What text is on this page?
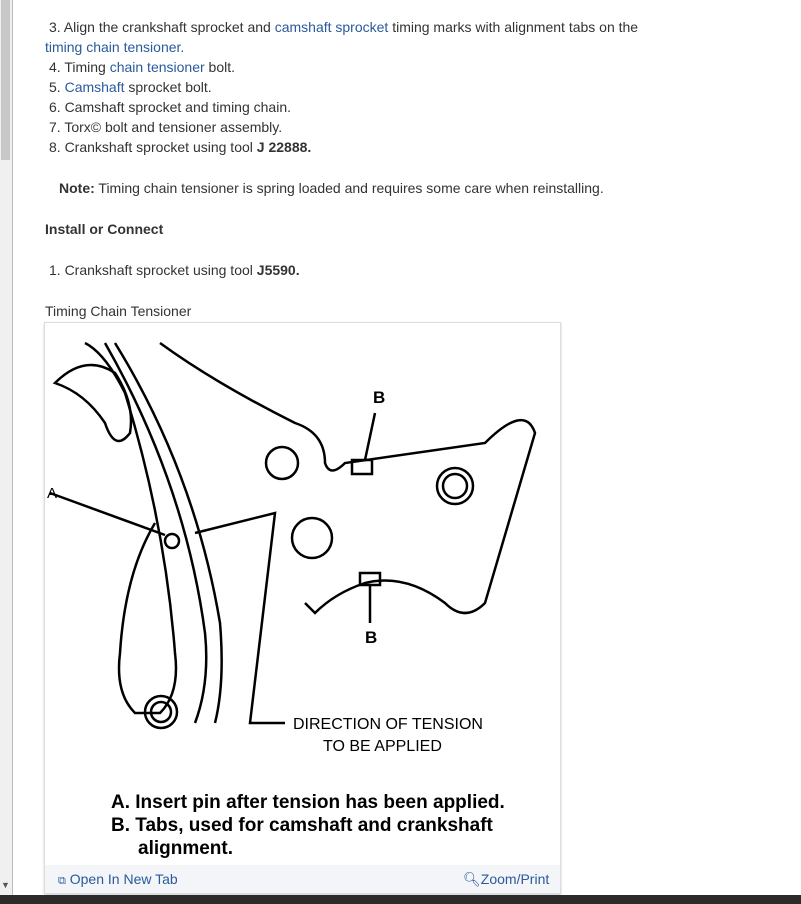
▼
3. Align the crankshaft sprocket and camshaft sprocket timing marks with alignment tabs on the
timing chain tensioner.
4. Timing chain tensioner bolt.
5. Camshaft sprocket bolt.
6. Camshaft sprocket and timing chain.
7. Torx© bolt and tensioner assembly.
8. Crankshaft sprocket using tool J 22888.
Note: Timing chain tensioner is spring loaded and requires some care when reinstalling.
Install or Connect
1. Crankshaft sprocket using tool J5590.
Timing Chain Tensioner
B
B
A
DIRECTION OF TENSION
TO BE APPLIED
A. Insert pin after tension has been applied.
B. Tabs, used for camshaft and crankshaft
alignment.
⧉ Open In New Tab	🔍︎Zoom/Print
